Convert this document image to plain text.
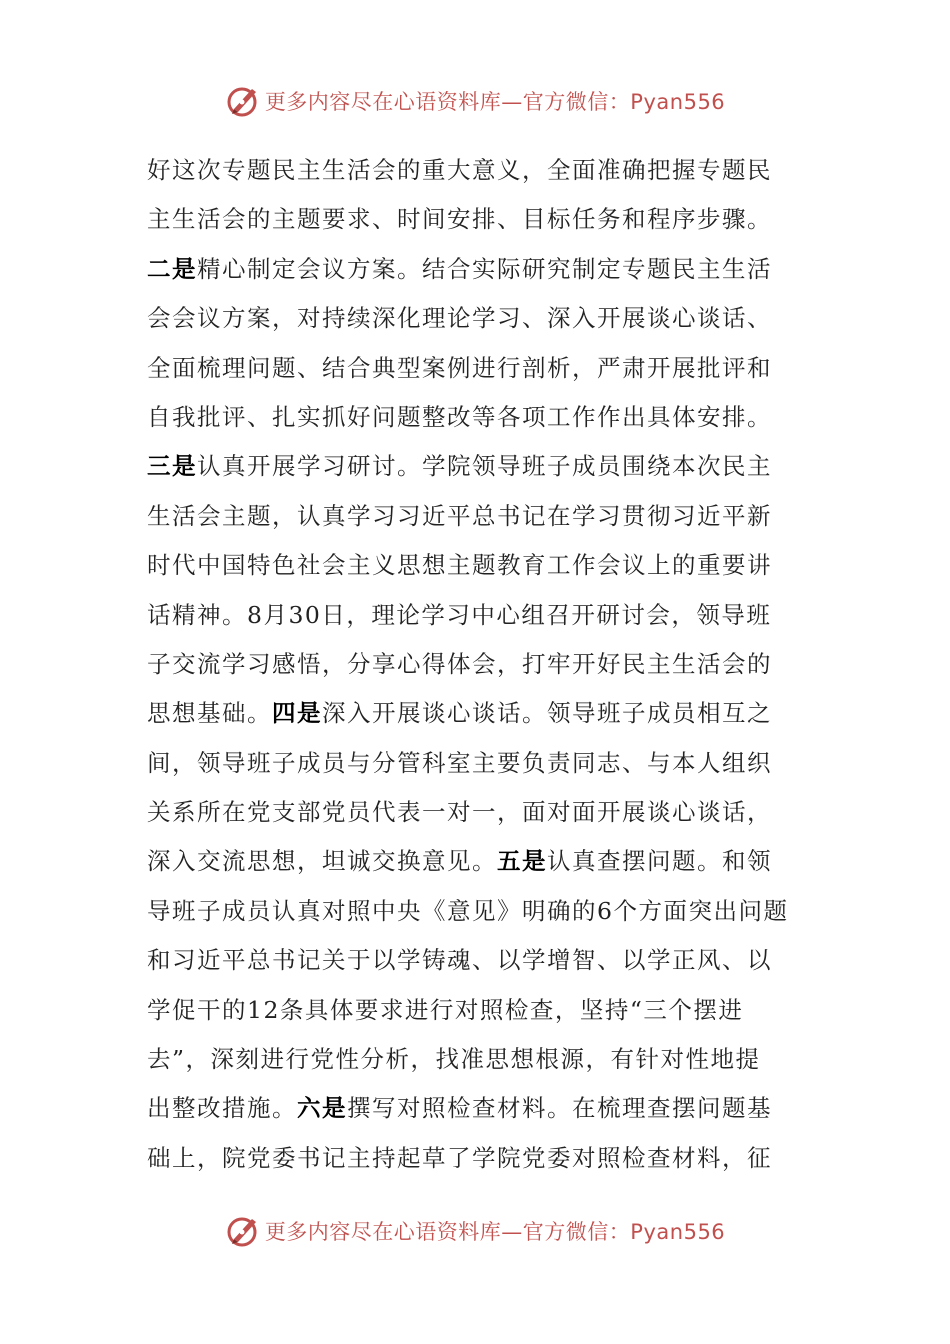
更多内容尽在心语资料库—官方微信：Pyan556
好这次专题民主生活会的重大意义，全面准确把握专题民
主生活会的主题要求、时间安排、目标任务和程序步骤。
二是精心制定会议方案。结合实际研究制定专题民主生活
会会议方案，对持续深化理论学习、深入开展谈心谈话、
全面梳理问题、结合典型案例进行剖析，严肃开展批评和
自我批评、扎实抓好问题整改等各项工作作出具体安排。
三是认真开展学习研讨。学院领导班子成员围绕本次民主
生活会主题，认真学习习近平总书记在学习贯彻习近平新
时代中国特色社会主义思想主题教育工作会议上的重要讲
话精神。8月30日，理论学习中心组召开研讨会，领导班
子交流学习感悟，分享心得体会，打牢开好民主生活会的
思想基础。四是深入开展谈心谈话。领导班子成员相互之
间，领导班子成员与分管科室主要负责同志、与本人组织
关系所在党支部党员代表一对一，面对面开展谈心谈话，
深入交流思想，坦诚交换意见。五是认真查摆问题。和领
导班子成员认真对照中央《意见》明确的6个方面突出问题
和习近平总书记关于以学铸魂、以学增智、以学正风、以
学促干的12条具体要求进行对照检查，坚持“三个摆进
去”，深刻进行党性分析，找准思想根源，有针对性地提
出整改措施。六是撰写对照检查材料。在梳理查摆问题基
础上，院党委书记主持起草了学院党委对照检查材料，征
更多内容尽在心语资料库—官方微信：Pyan556
